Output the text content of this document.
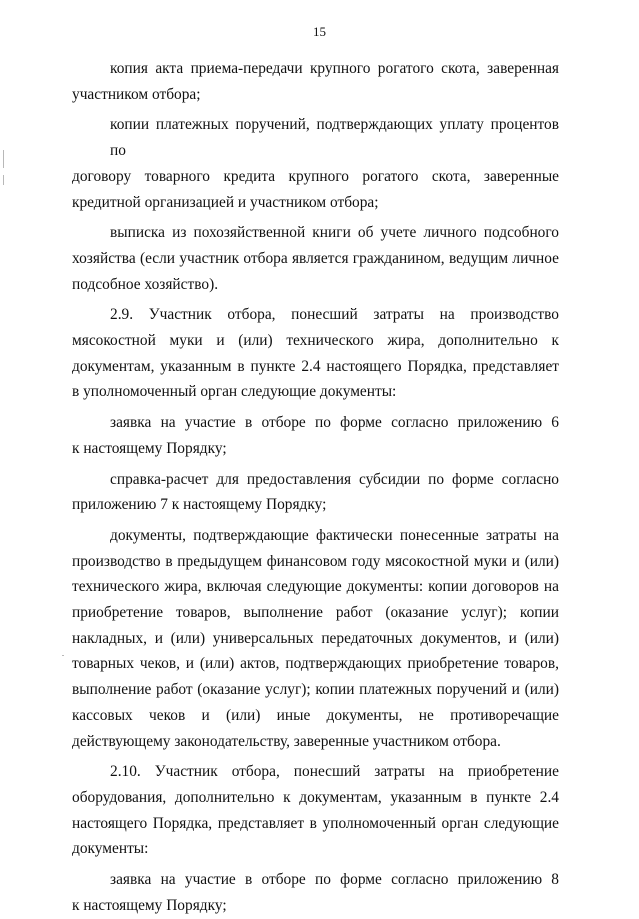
15
копия акта приема-передачи крупного рогатого скота, заверенная
участником отбора;
копии платежных поручений, подтверждающих уплату процентов по
договору товарного кредита крупного рогатого скота, заверенные
кредитной организацией и участником отбора;
выписка из похозяйственной книги об учете личного подсобного
хозяйства (если участник отбора является гражданином, ведущим личное
подсобное хозяйство).
2.9. Участник отбора, понесший затраты на производство
мясокостной муки и (или) технического жира, дополнительно к
документам, указанным в пункте 2.4 настоящего Порядка, представляет
в уполномоченный орган следующие документы:
заявка на участие в отборе по форме согласно приложению 6
к настоящему Порядку;
справка-расчет для предоставления субсидии по форме согласно
приложению 7 к настоящему Порядку;
документы, подтверждающие фактически понесенные затраты на
производство в предыдущем финансовом году мясокостной муки и (или)
технического жира, включая следующие документы: копии договоров на
приобретение товаров, выполнение работ (оказание услуг); копии
накладных, и (или) универсальных передаточных документов, и (или)
товарных чеков, и (или) актов, подтверждающих приобретение товаров,
выполнение работ (оказание услуг); копии платежных поручений и (или)
кассовых чеков и (или) иные документы, не противоречащие
действующему законодательству, заверенные участником отбора.
2.10. Участник отбора, понесший затраты на приобретение
оборудования, дополнительно к документам, указанным в пункте 2.4
настоящего Порядка, представляет в уполномоченный орган следующие
документы:
заявка на участие в отборе по форме согласно приложению 8
к настоящему Порядку;
